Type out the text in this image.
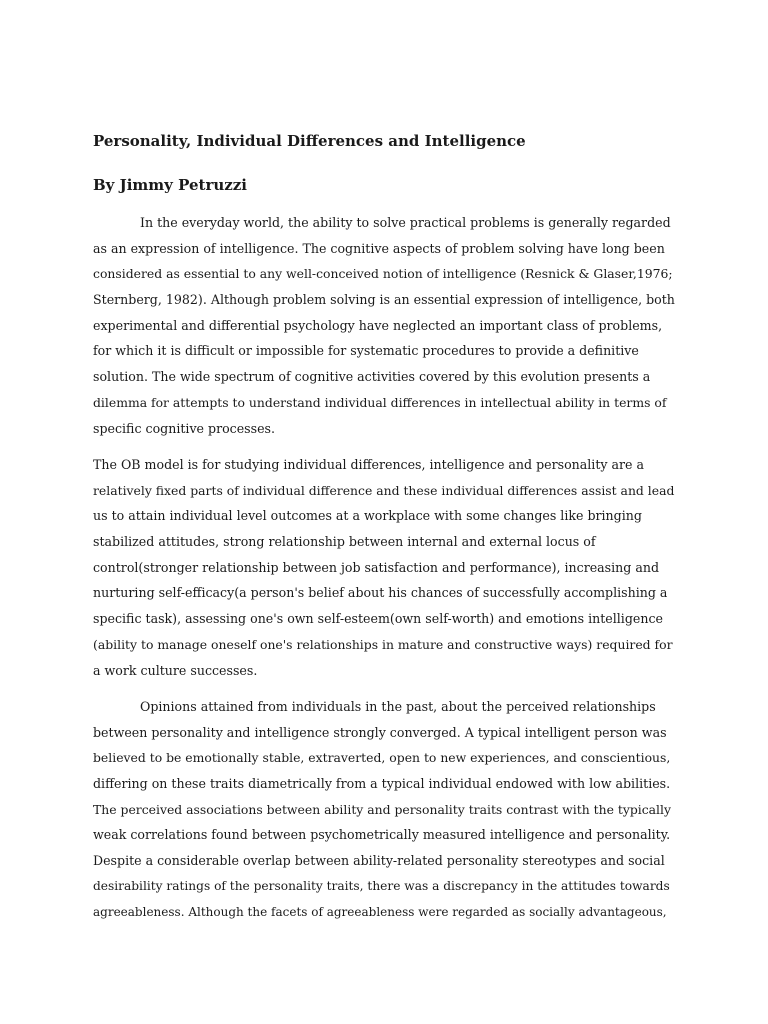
Personality, Individual Differences and Intelligence
By Jimmy Petruzzi
In the everyday world, the ability to solve practical problems is generally regarded
as an expression of intelligence. The cognitive aspects of problem solving have long been
considered as essential to any well-conceived notion of intelligence (Resnick & Glaser,1976;
Sternberg, 1982). Although problem solving is an essential expression of intelligence, both
experimental and differential psychology have neglected an important class of problems,
for which it is difficult or impossible for systematic procedures to provide a definitive
solution. The wide spectrum of cognitive activities covered by this evolution presents a
dilemma for attempts to understand individual differences in intellectual ability in terms of
specific cognitive processes.
The OB model is for studying individual differences, intelligence and personality are a
relatively fixed parts of individual difference and these individual differences assist and lead
us to attain individual level outcomes at a workplace with some changes like bringing
stabilized attitudes, strong relationship between internal and external locus of
control(stronger relationship between job satisfaction and performance), increasing and
nurturing self-efficacy(a person's belief about his chances of successfully accomplishing a
specific task), assessing one's own self-esteem(own self-worth) and emotions intelligence
(ability to manage oneself one's relationships in mature and constructive ways) required for
a work culture successes.
Opinions attained from individuals in the past, about the perceived relationships
between personality and intelligence strongly converged. A typical intelligent person was
believed to be emotionally stable, extraverted, open to new experiences, and conscientious,
differing on these traits diametrically from a typical individual endowed with low abilities.
The perceived associations between ability and personality traits contrast with the typically
weak correlations found between psychometrically measured intelligence and personality.
Despite a considerable overlap between ability-related personality stereotypes and social
desirability ratings of the personality traits, there was a discrepancy in the attitudes towards
agreeableness. Although the facets of agreeableness were regarded as socially advantageous,
